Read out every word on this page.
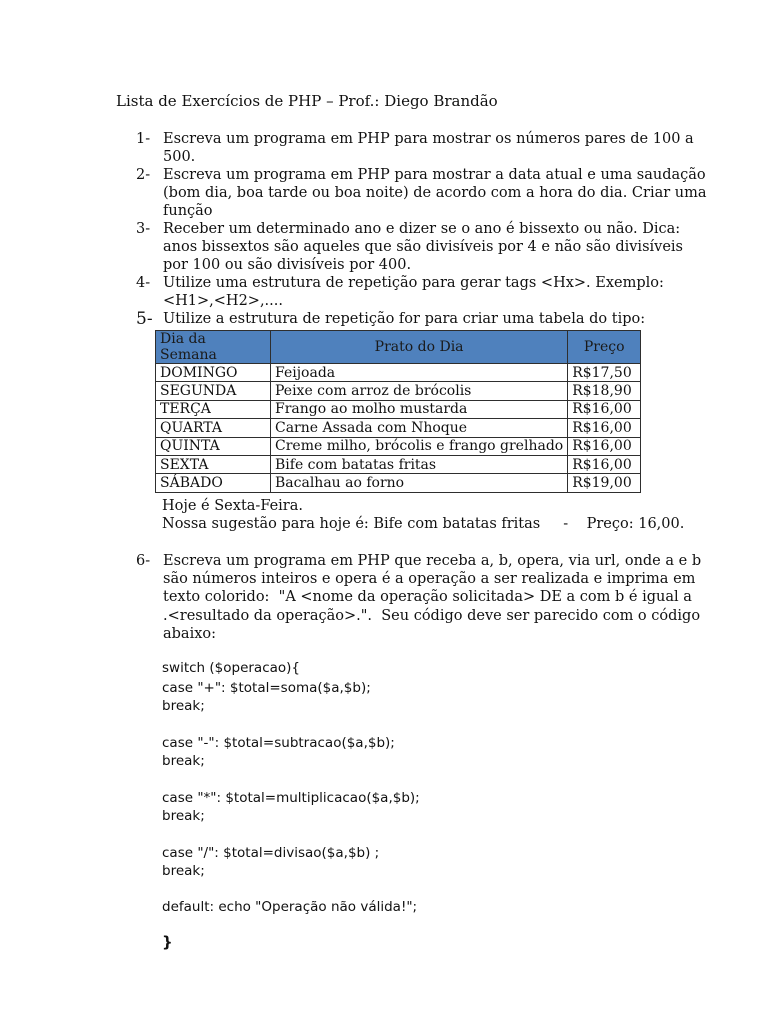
Lista de Exercícios de PHP – Prof.: Diego Brandão
1- Escreva um programa em PHP para mostrar os números pares de 100 a
500.
2- Escreva um programa em PHP para mostrar a data atual e uma saudação
(bom dia, boa tarde ou boa noite) de acordo com a hora do dia. Criar uma
função
3- Receber um determinado ano e dizer se o ano é bissexto ou não. Dica:
anos bissextos são aqueles que são divisíveis por 4 e não são divisíveis
por 100 ou são divisíveis por 400.
4- Utilize uma estrutura de repetição para gerar tags <Hx>. Exemplo:
<H1>,<H2>,....
5- Utilize a estrutura de repetição for para criar uma tabela do tipo:
Dia da Semana	Prato do Dia	Preço
DOMINGO	Feijoada	R$17,50
SEGUNDA	Peixe com arroz de brócolis	R$18,90
TERÇA	Frango ao molho mustarda	R$16,00
QUARTA	Carne Assada com Nhoque	R$16,00
QUINTA	Creme milho, brócolis e frango grelhado	R$16,00
SEXTA	Bife com batatas fritas	R$16,00
SÁBADO	Bacalhau ao forno	R$19,00
Hoje é Sexta-Feira.
Nossa sugestão para hoje é: Bife com batatas fritas     -    Preço: 16,00.
6- Escreva um programa em PHP que receba a, b, opera, via url, onde a e b
são números inteiros e opera é a operação a ser realizada e imprima em
texto colorido:  "A <nome da operação solicitada> DE a com b é igual a
.<resultado da operação>.".  Seu código deve ser parecido com o código
abaixo:
switch ($operacao){
case "+": $total=soma($a,$b);
break;
case "-": $total=subtracao($a,$b);
break;
case "*": $total=multiplicacao($a,$b);
break;
case "/": $total=divisao($a,$b) ;
break;
default: echo "Operação não válida!";
}
